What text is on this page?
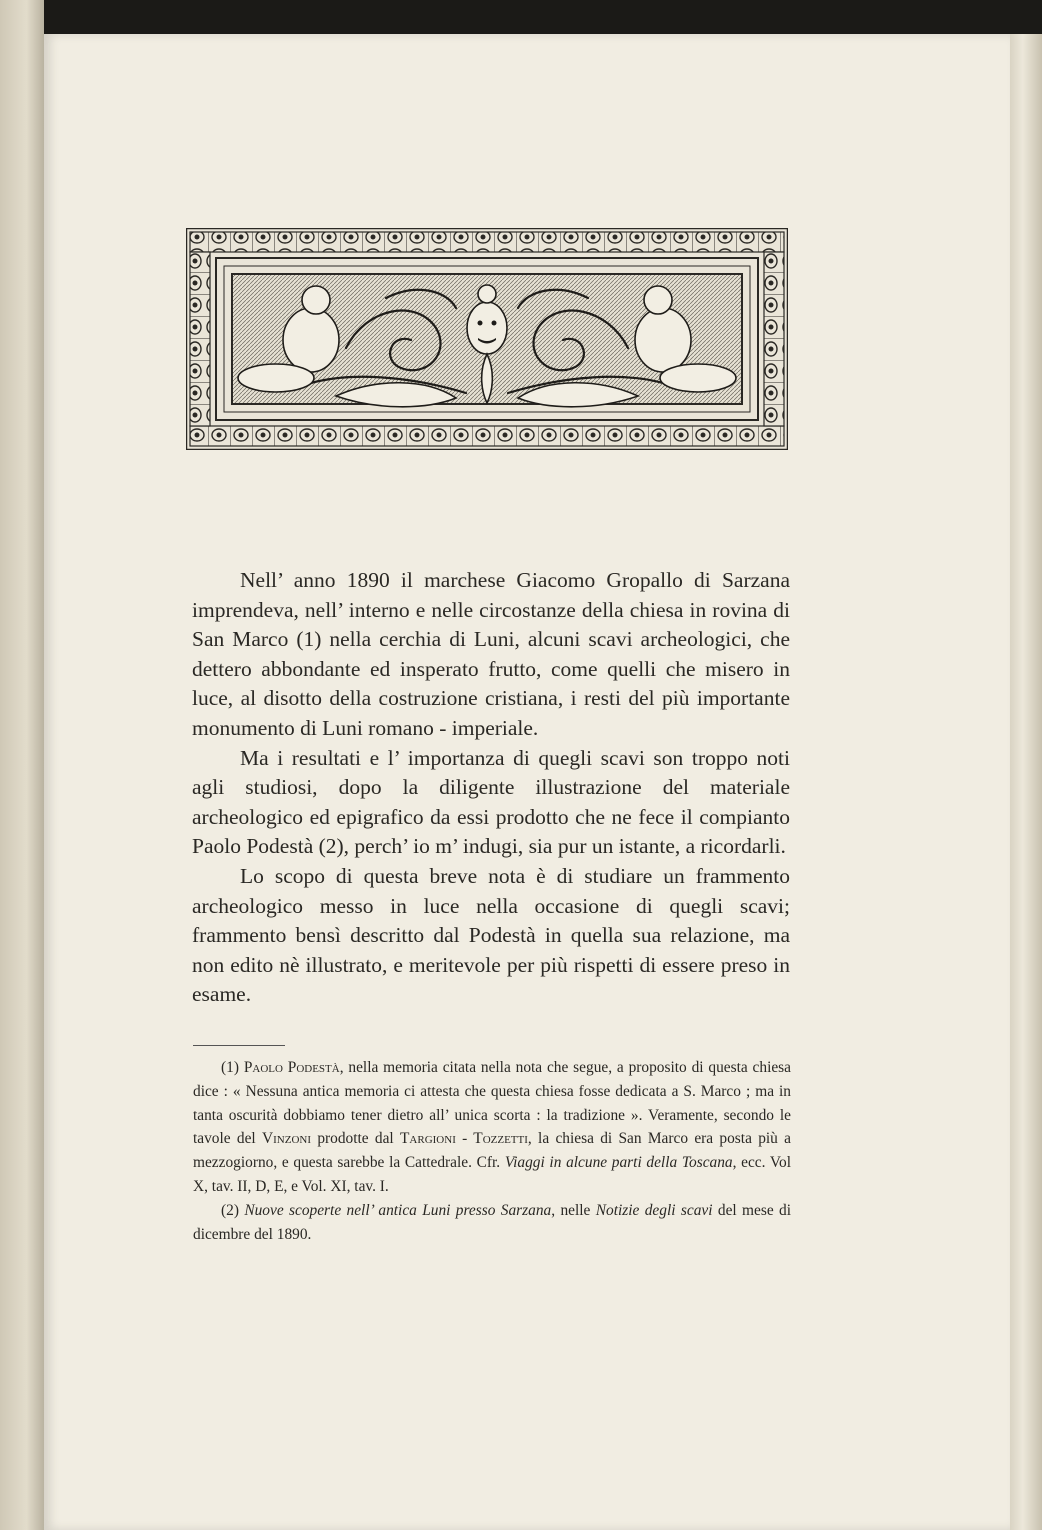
Nell’ anno 1890 il marchese Giacomo Gropallo di Sarzana imprendeva, nell’ interno e nelle circostanze della chiesa in rovina di San Marco (1) nella cerchia di Luni, alcuni scavi archeologici, che dettero abbondante ed insperato frutto, come quelli che misero in luce, al disotto della costruzione cristiana, i resti del più importante monumento di Luni romano - imperiale.

Ma i resultati e l’ importanza di quegli scavi son troppo noti agli studiosi, dopo la diligente illustrazione del materiale archeologico ed epigrafico da essi prodotto che ne fece il compianto Paolo Podestà (2), perch’ io m’ indugi, sia pur un istante, a ricordarli.

Lo scopo di questa breve nota è di studiare un frammento archeologico messo in luce nella occasione di quegli scavi; frammento bensì descritto dal Podestà in quella sua relazione, ma non edito nè illustrato, e meritevole per più rispetti di essere preso in esame.

(1) Paolo Podestà, nella memoria citata nella nota che segue, a proposito di questa chiesa dice : « Nessuna antica memoria ci attesta che questa chiesa fosse dedicata a S. Marco ; ma in tanta oscurità dobbiamo tener dietro all’ unica scorta : la tradizione ». Veramente, secondo le tavole del Vinzoni prodotte dal Targioni - Tozzetti, la chiesa di San Marco era posta più a mezzogiorno, e questa sarebbe la Cattedrale. Cfr. Viaggi in alcune parti della Toscana, ecc. Vol X, tav. II, D, E, e Vol. XI, tav. I.

(2) Nuove scoperte nell’ antica Luni presso Sarzana, nelle Notizie degli scavi del mese di dicembre del 1890.
